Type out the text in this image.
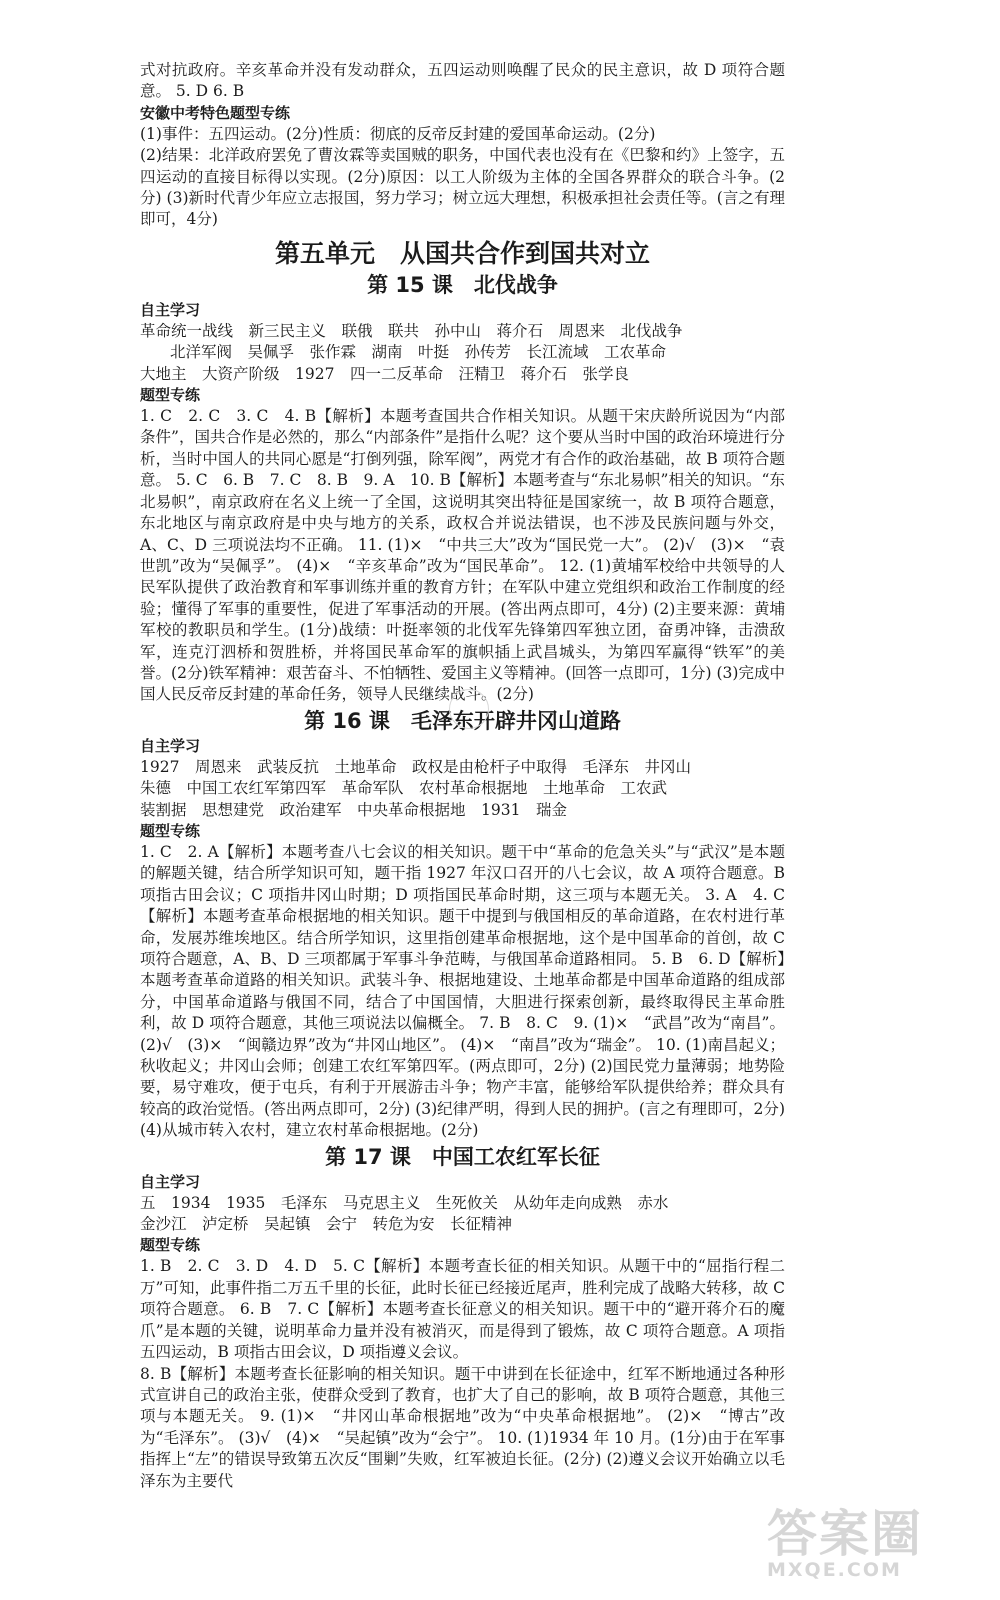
式对抗政府。辛亥革命并没有发动群众，五四运动则唤醒了民众的民主意识，故 D 项符合题意。 5. D 6. B

安徽中考特色题型专练

(1)事件：五四运动。(2分)性质：彻底的反帝反封建的爱国革命运动。(2分)

(2)结果：北洋政府罢免了曹汝霖等卖国贼的职务，中国代表也没有在《巴黎和约》上签字，五四运动的直接目标得以实现。(2分)原因：以工人阶级为主体的全国各界群众的联合斗争。(2分) (3)新时代青少年应立志报国，努力学习；树立远大理想，积极承担社会责任等。(言之有理即可，4分)

第五单元　从国共合作到国共对立

第 15 课　北伐战争

自主学习

革命统一战线　新三民主义　联俄　联共　孙中山　蒋介石　周恩来　北伐战争

北洋军阀　吴佩孚　张作霖　湖南　叶挺　孙传芳　长江流域　工农革命

大地主　大资产阶级　1927　四一二反革命　汪精卫　蒋介石　张学良

题型专练

1. C　2. C　3. C　4. B【解析】本题考查国共合作相关知识。从题干宋庆龄所说因为“内部条件”，国共合作是必然的，那么“内部条件”是指什么呢？这个要从当时中国的政治环境进行分析，当时中国人的共同心愿是“打倒列强，除军阀”，两党才有合作的政治基础，故 B 项符合题意。 5. C　6. B　7. C　8. B　9. A　10. B【解析】本题考查与“东北易帜”相关的知识。“东北易帜”，南京政府在名义上统一了全国，这说明其突出特征是国家统一，故 B 项符合题意，东北地区与南京政府是中央与地方的关系，政权合并说法错误，也不涉及民族问题与外交，A、C、D 三项说法均不正确。 11. (1)×　“中共三大”改为“国民党一大”。 (2)√　(3)×　“袁世凯”改为“吴佩孚”。 (4)×　“辛亥革命”改为“国民革命”。 12. (1)黄埔军校给中共领导的人民军队提供了政治教育和军事训练并重的教育方针；在军队中建立党组织和政治工作制度的经验；懂得了军事的重要性，促进了军事活动的开展。(答出两点即可，4分) (2)主要来源：黄埔军校的教职员和学生。(1分)战绩：叶挺率领的北伐军先锋第四军独立团，奋勇冲锋，击溃敌军，连克汀泗桥和贺胜桥，并将国民革命军的旗帜插上武昌城头，为第四军赢得“铁军”的美誉。(2分)铁军精神：艰苦奋斗、不怕牺牲、爱国主义等精神。(回答一点即可，1分) (3)完成中国人民反帝反封建的革命任务，领导人民继续战斗。(2分)

第 16 课　毛泽东开辟井冈山道路

自主学习

1927　周恩来　武装反抗　土地革命　政权是由枪杆子中取得　毛泽东　井冈山

朱德　中国工农红军第四军　革命军队　农村革命根据地　土地革命　工农武

装割据　思想建党　政治建军　中央革命根据地　1931　瑞金

题型专练

1. C　2. A【解析】本题考查八七会议的相关知识。题干中“革命的危急关头”与“武汉”是本题的解题关键，结合所学知识可知，题干指 1927 年汉口召开的八七会议，故 A 项符合题意。B 项指古田会议；C 项指井冈山时期；D 项指国民革命时期，这三项与本题无关。 3. A　4. C【解析】本题考查革命根据地的相关知识。题干中提到与俄国相反的革命道路，在农村进行革命，发展苏维埃地区。结合所学知识，这里指创建革命根据地，这个是中国革命的首创，故 C 项符合题意，A、B、D 三项都属于军事斗争范畴，与俄国革命道路相同。 5. B　6. D【解析】本题考查革命道路的相关知识。武装斗争、根据地建设、土地革命都是中国革命道路的组成部分，中国革命道路与俄国不同，结合了中国国情，大胆进行探索创新，最终取得民主革命胜利，故 D 项符合题意，其他三项说法以偏概全。 7. B　8. C　9. (1)×　“武昌”改为“南昌”。 (2)√　(3)×　“闽赣边界”改为“井冈山地区”。 (4)×　“南昌”改为“瑞金”。 10. (1)南昌起义；秋收起义；井冈山会师；创建工农红军第四军。(两点即可，2分) (2)国民党力量薄弱；地势险要，易守难攻，便于屯兵，有利于开展游击斗争；物产丰富，能够给军队提供给养；群众具有较高的政治觉悟。(答出两点即可，2分) (3)纪律严明，得到人民的拥护。(言之有理即可，2分) (4)从城市转入农村，建立农村革命根据地。(2分)

第 17 课　中国工农红军长征

自主学习

五　1934　1935　毛泽东　马克思主义　生死攸关　从幼年走向成熟　赤水

金沙江　泸定桥　吴起镇　会宁　转危为安　长征精神

题型专练

1. B　2. C　3. D　4. D　5. C【解析】本题考查长征的相关知识。从题干中的“屈指行程二万”可知，此事件指二万五千里的长征，此时长征已经接近尾声，胜利完成了战略大转移，故 C 项符合题意。 6. B　7. C【解析】本题考查长征意义的相关知识。题干中的“避开蒋介石的魔爪”是本题的关键，说明革命力量并没有被消灭，而是得到了锻炼，故 C 项符合题意。A 项指五四运动，B 项指古田会议，D 项指遵义会议。

8. B【解析】本题考查长征影响的相关知识。题干中讲到在长征途中，红军不断地通过各种形式宣讲自己的政治主张，使群众受到了教育，也扩大了自己的影响，故 B 项符合题意，其他三项与本题无关。 9. (1)×　“井冈山革命根据地”改为“中央革命根据地”。 (2)×　“博古”改为“毛泽东”。 (3)√　(4)×　“吴起镇”改为“会宁”。 10. (1)1934 年 10 月。(1分)由于在军事指挥上“左”的错误导致第五次反“围剿”失败，红军被迫长征。(2分) (2)遵义会议开始确立以毛泽东为主要代

答案圈
MXQE.COM
